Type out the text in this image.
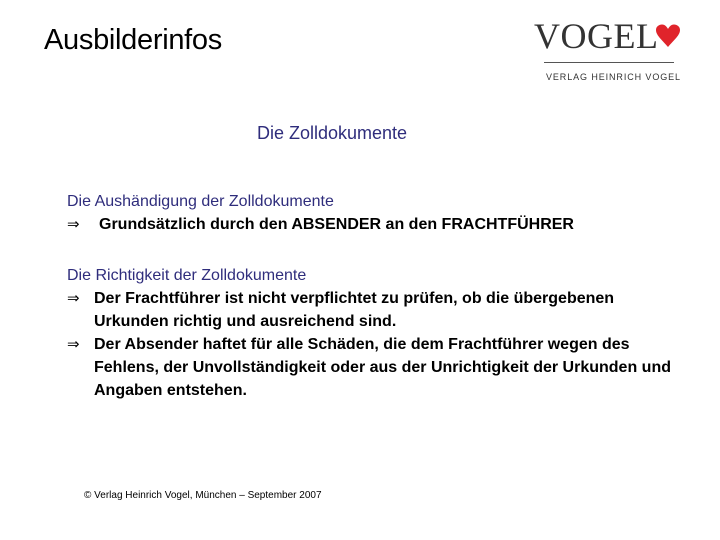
Ausbilderinfos	VOGEL
VERLAG HEINRICH VOGEL
Die Zolldokumente

Die Aushändigung der Zolldokumente

⇒ Grundsätzlich durch den ABSENDER an den FRACHTFÜHRER

Die Richtigkeit der Zolldokumente

⇒ Der Frachtführer ist nicht verpflichtet zu prüfen, ob die übergebenen Urkunden richtig und ausreichend sind.
⇒ Der Absender haftet für alle Schäden, die dem Frachtführer wegen des Fehlens, der Unvollständigkeit oder aus der Unrichtigkeit der Urkunden und Angaben entstehen.
© Verlag Heinrich Vogel, München – September 2007
